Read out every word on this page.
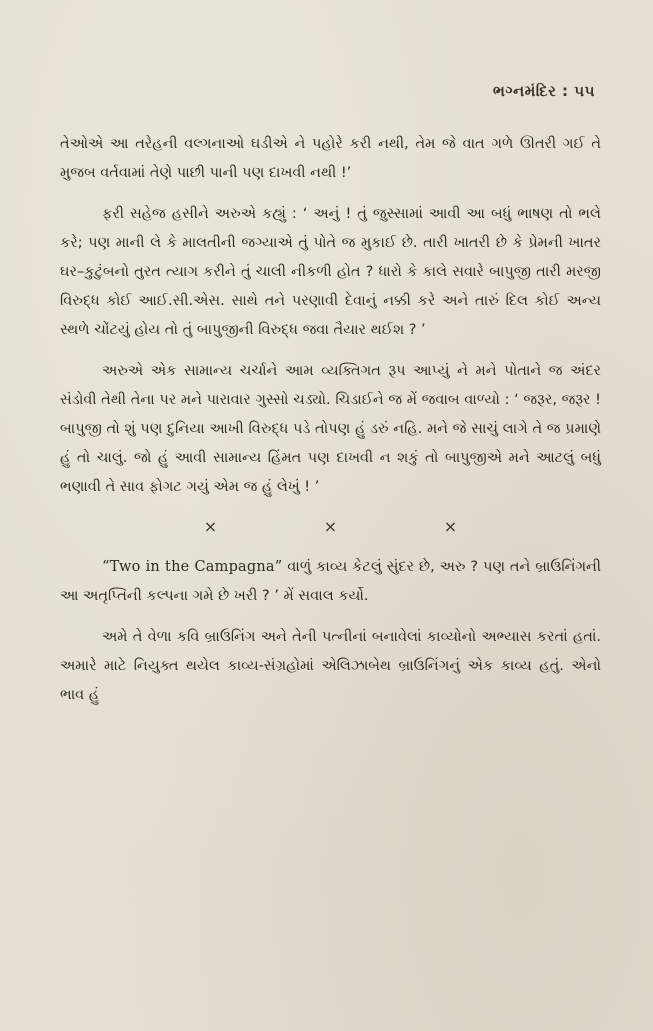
ભગ્નમંદિર : ૫૫

તેઓએ આ તરેહની વલ્ગનાઓ ઘડીએ ને પહોરે કરી નથી, તેમ જે વાત ગળે ઊતરી ગઈ તે મુજબ વર્તવામાં તેણે પાછી પાની પણ દાખવી નથી !’

ફરી સહેજ હસીને અરુએ કહ્યું : ‘ અનું ! તું જુસ્સામાં આવી આ બધું ભાષણ તો ભલે કરે; પણ માની લે કે માલતીની જગ્યાએ તું પોતે જ મુકાઈ છે. તારી ખાતરી છે કે પ્રેમની ખાતર ઘર–કુટુંબનો તુરત ત્યાગ કરીને તું ચાલી નીકળી હોત ? ધારો કે કાલે સવારે બાપુજી તારી મરજી વિરુદ્ધ કોઈ આઈ.સી.એસ. સાથે તને પરણાવી દેવાનું નક્કી કરે અને તારું દિલ કોઈ અન્ય સ્થળે ચોંટયું હોય તો તું બાપુજીની વિરુદ્ધ જવા તૈયાર થઈશ ? ’

અરુએ એક સામાન્ય ચર્ચાને આમ વ્યક્તિગત રૂપ આપ્યું ને મને પોતાને જ અંદર સંડોવી તેથી તેના પર મને પારાવાર ગુસ્સો ચડ્યો. ચિડાઈને જ મેં જવાબ વાળ્યો : ‘ જરૂર, જરૂર ! બાપુજી તો શું પણ દુનિયા આખી વિરુદ્ધ પડે તોપણ હું ડરું નહિ. મને જે સાચું લાગે તે જ પ્રમાણે હું તો ચાલું. જો હું આવી સામાન્ય હિંમત પણ દાખવી ન શકું તો બાપુજીએ મને આટલું બધું ભણાવી તે સાવ ફોગટ ગયું એમ જ હું લેખું ! ’

×	×	×

“Two in the Campagna” વાળું કાવ્ય કેટલું સુંદર છે, અરુ ? પણ તને બ્રાઉનિંગની આ અતૃપ્તિની કલ્પના ગમે છે ખરી ? ’ મેં સવાલ કર્યો.

અમે તે વેળા કવિ બ્રાઉનિંગ અને તેની પત્નીનાં બનાવેલાં કાવ્યોનો અભ્યાસ કરતાં હતાં. અમારે માટે નિયુક્ત થયેલ કાવ્ય-સંગ્રહોમાં એલિઝાબેથ બ્રાઉનિંગનું એક કાવ્ય હતું. એનો ભાવ હું
